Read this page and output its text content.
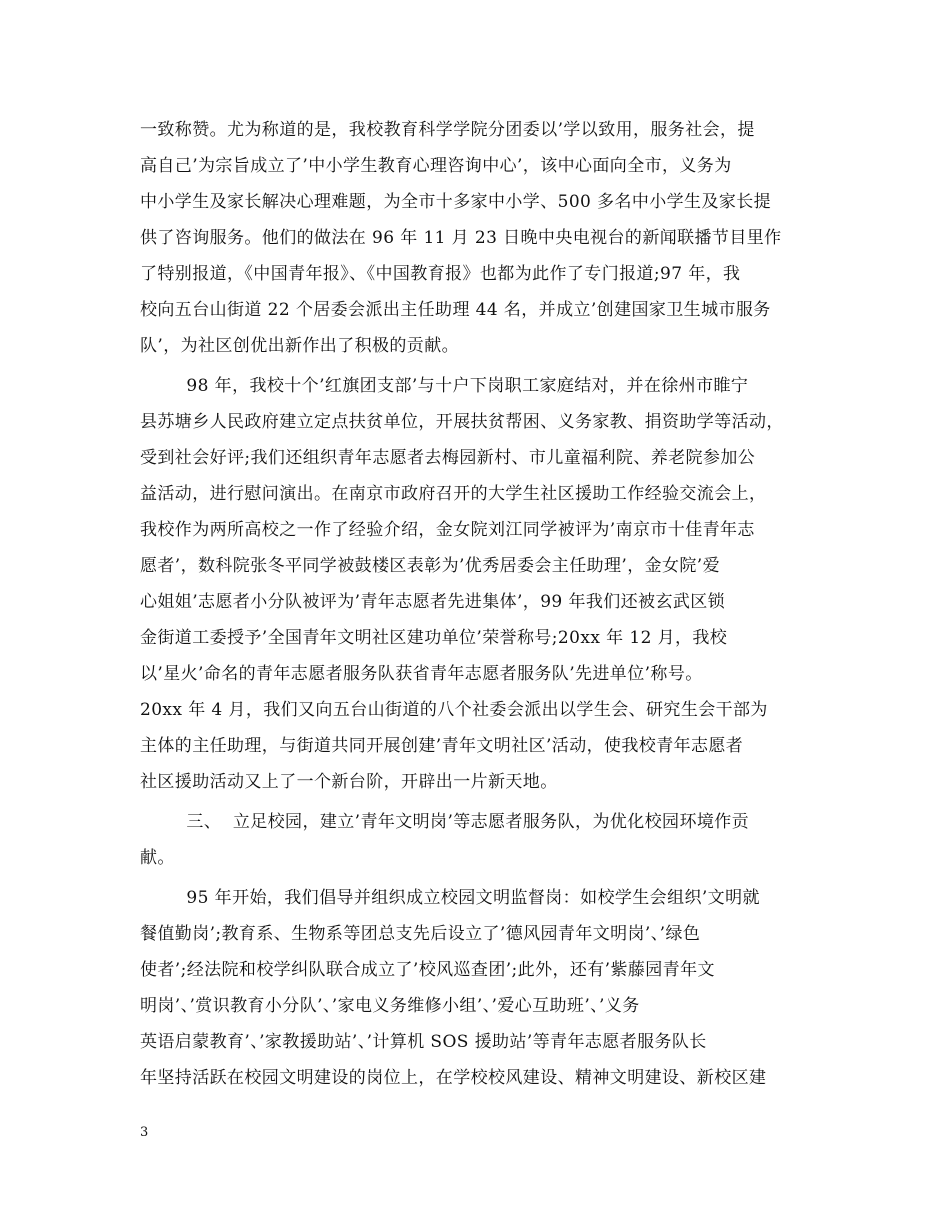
一致称赞。尤为称道的是，我校教育科学学院分团委以’学以致用，服务社会，提
高自己’为宗旨成立了’中小学生教育心理咨询中心’，该中心面向全市，义务为
中小学生及家长解决心理难题，为全市十多家中小学、500 多名中小学生及家长提
供了咨询服务。他们的做法在 96 年 11 月 23 日晚中央电视台的新闻联播节目里作
了特别报道，《中国青年报》、《中国教育报》也都为此作了专门报道;97 年，我
校向五台山街道 22 个居委会派出主任助理 44 名，并成立’创建国家卫生城市服务
队’，为社区创优出新作出了积极的贡献。
98 年，我校十个’红旗团支部’与十户下岗职工家庭结对，并在徐州市睢宁
县苏塘乡人民政府建立定点扶贫单位，开展扶贫帮困、义务家教、捐资助学等活动，
受到社会好评;我们还组织青年志愿者去梅园新村、市儿童福利院、养老院参加公
益活动，进行慰问演出。在南京市政府召开的大学生社区援助工作经验交流会上，
我校作为两所高校之一作了经验介绍，金女院刘江同学被评为’南京市十佳青年志
愿者’，数科院张冬平同学被鼓楼区表彰为’优秀居委会主任助理’，金女院’爱
心姐姐’志愿者小分队被评为’青年志愿者先进集体’，99 年我们还被玄武区锁
金街道工委授予’全国青年文明社区建功单位’荣誉称号;20xx 年 12 月，我校
以’星火’命名的青年志愿者服务队获省青年志愿者服务队’先进单位’称号。
20xx 年 4 月，我们又向五台山街道的八个社委会派出以学生会、研究生会干部为
主体的主任助理，与街道共同开展创建’青年文明社区’活动，使我校青年志愿者
社区援助活动又上了一个新台阶，开辟出一片新天地。
三、  立足校园，建立’青年文明岗’等志愿者服务队，为优化校园环境作贡
献。
95 年开始，我们倡导并组织成立校园文明监督岗：如校学生会组织’文明就
餐值勤岗’;教育系、生物系等团总支先后设立了’德风园青年文明岗’、’绿色
使者’;经法院和校学纠队联合成立了’校风巡查团’;此外，还有’紫藤园青年文
明岗’、’赏识教育小分队’、’家电义务维修小组’、’爱心互助班’、’义务
英语启蒙教育’、’家教援助站’、’计算机 SOS 援助站’等青年志愿者服务队长
年坚持活跃在校园文明建设的岗位上，在学校校风建设、精神文明建设、新校区建
3
